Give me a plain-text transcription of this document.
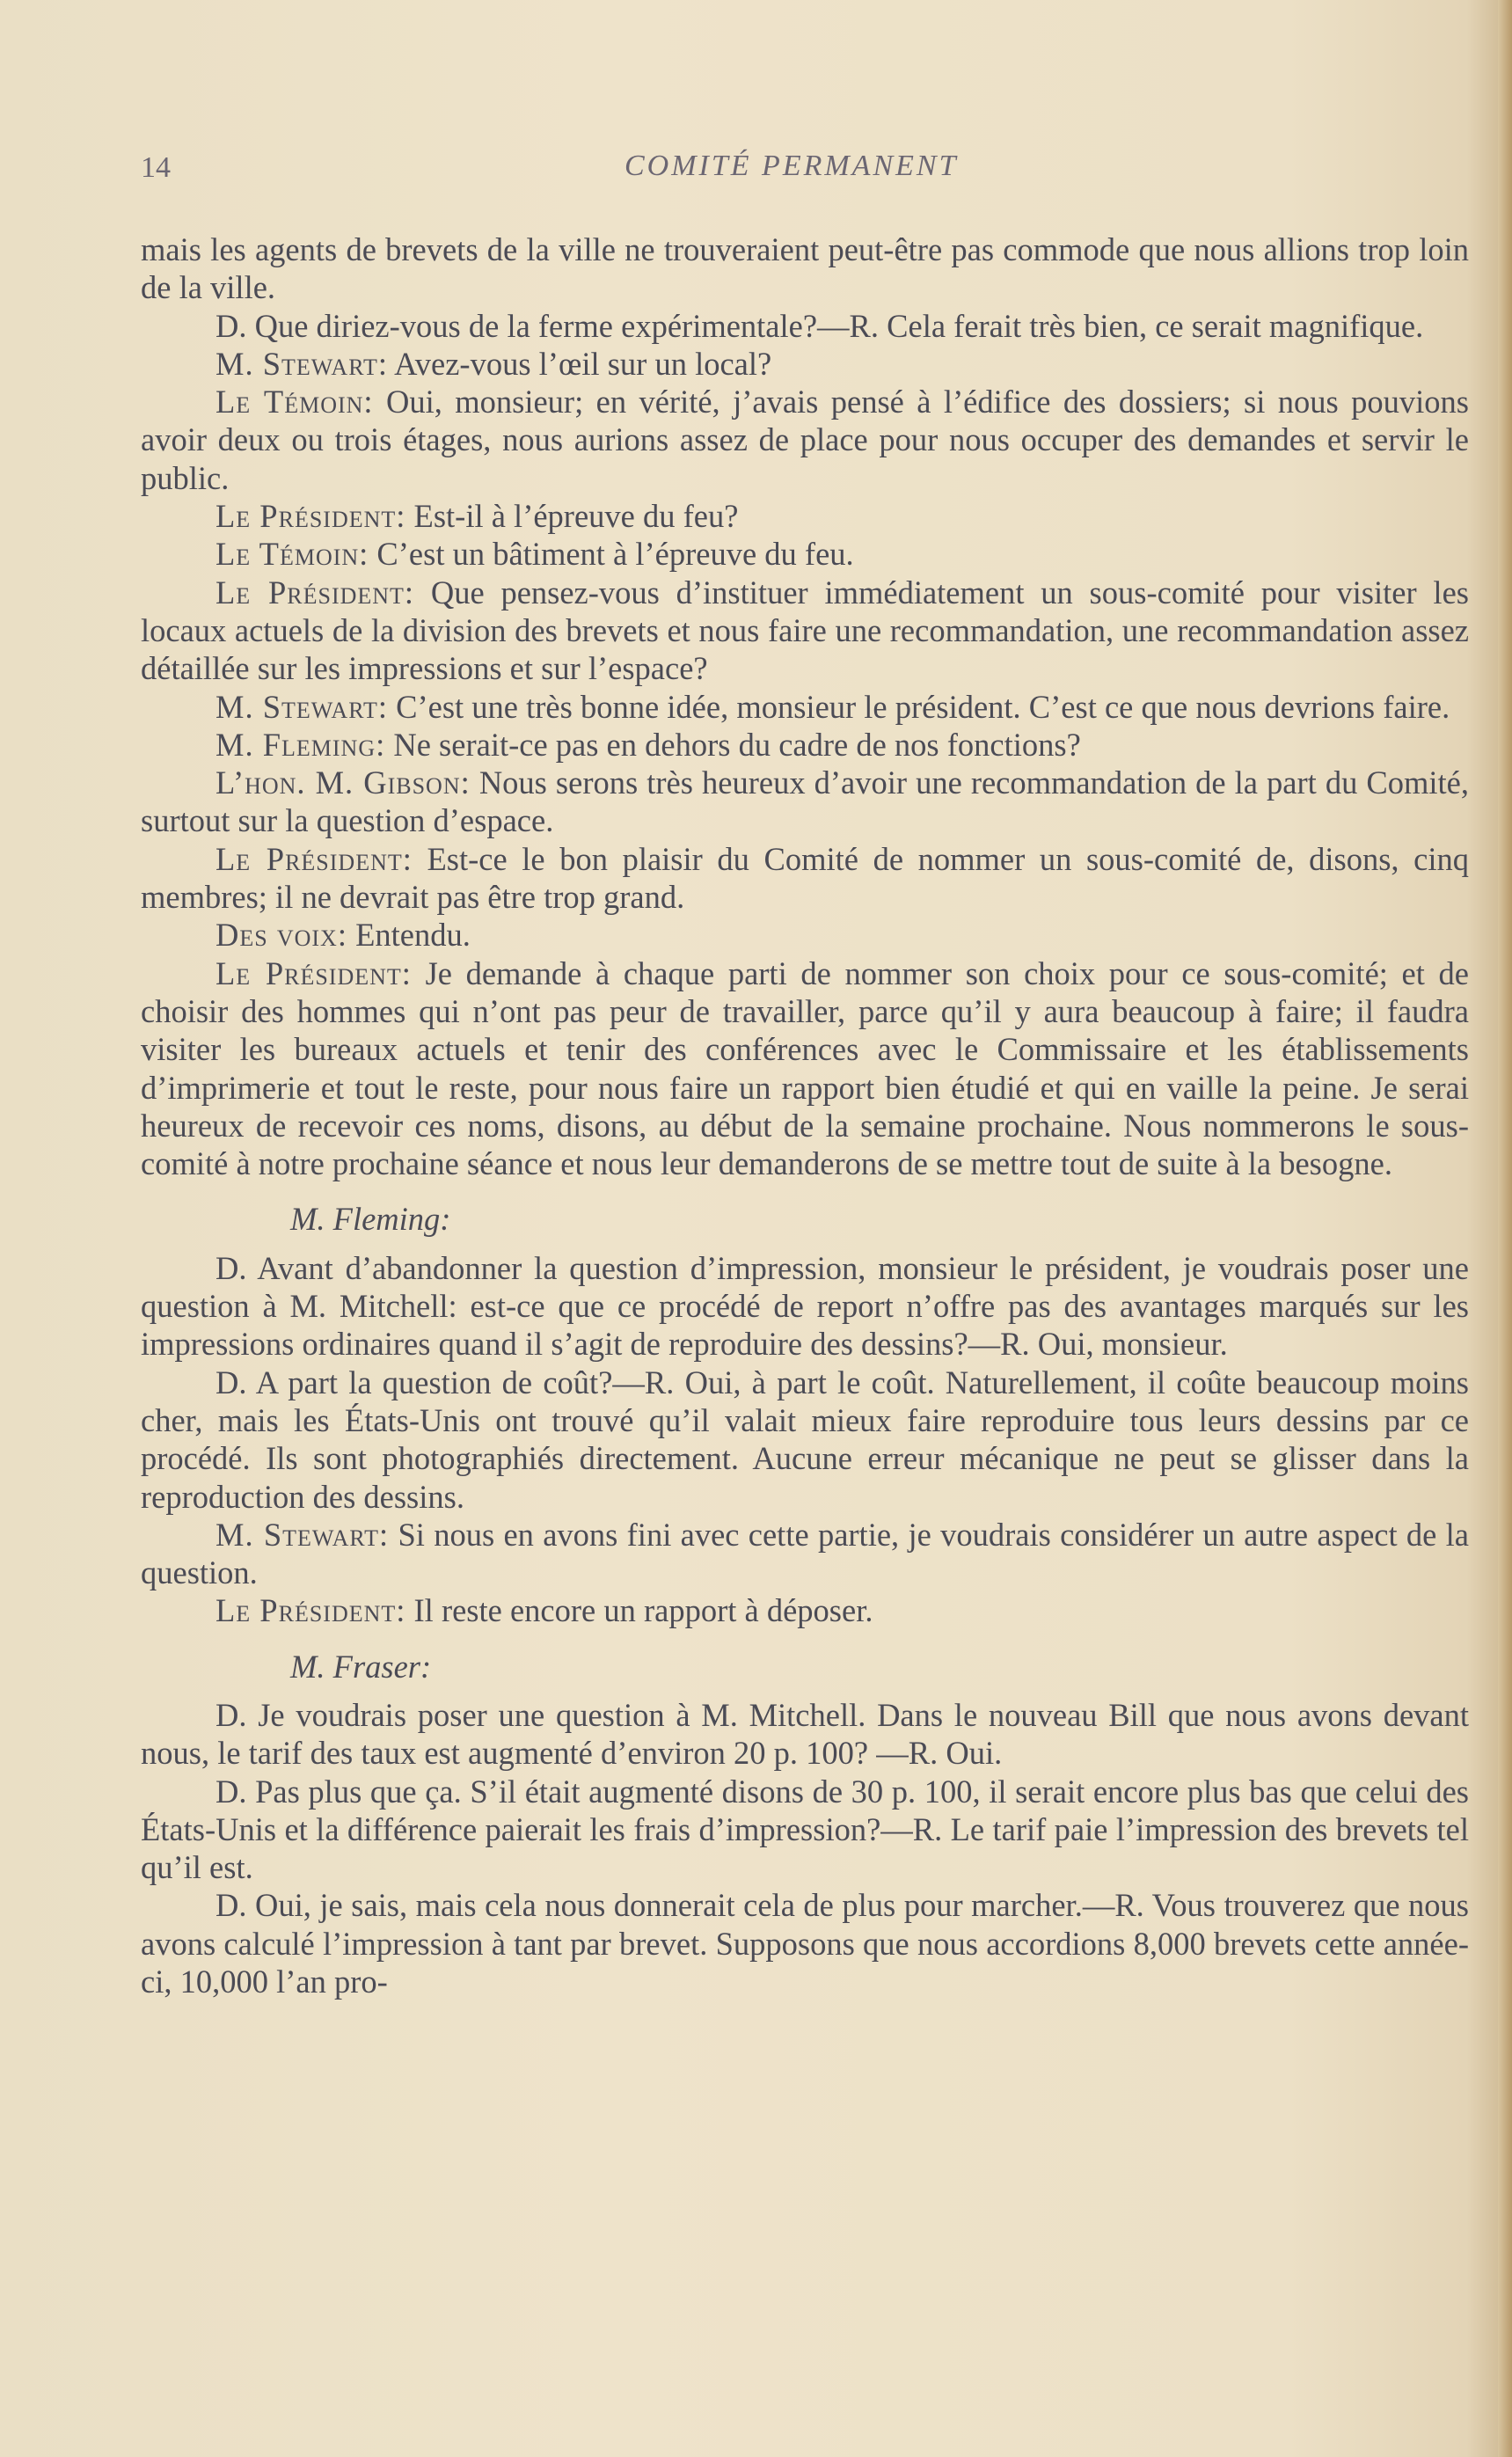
14	COMITÉ PERMANENT

mais les agents de brevets de la ville ne trouveraient peut-être pas commode que nous allions trop loin de la ville.

D. Que diriez-vous de la ferme expérimentale?—R. Cela ferait très bien, ce serait magnifique.

M. Stewart: Avez-vous l’œil sur un local?

Le Témoin: Oui, monsieur; en vérité, j’avais pensé à l’édifice des dossiers; si nous pouvions avoir deux ou trois étages, nous aurions assez de place pour nous occuper des demandes et servir le public.

Le Président: Est-il à l’épreuve du feu?

Le Témoin: C’est un bâtiment à l’épreuve du feu.

Le Président: Que pensez-vous d’instituer immédiatement un sous-comité pour visiter les locaux actuels de la division des brevets et nous faire une recommandation, une recommandation assez détaillée sur les impressions et sur l’espace?

M. Stewart: C’est une très bonne idée, monsieur le président. C’est ce que nous devrions faire.

M. Fleming: Ne serait-ce pas en dehors du cadre de nos fonctions?

L’hon. M. Gibson: Nous serons très heureux d’avoir une recommandation de la part du Comité, surtout sur la question d’espace.

Le Président: Est-ce le bon plaisir du Comité de nommer un sous-comité de, disons, cinq membres; il ne devrait pas être trop grand.

Des voix: Entendu.

Le Président: Je demande à chaque parti de nommer son choix pour ce sous-comité; et de choisir des hommes qui n’ont pas peur de travailler, parce qu’il y aura beaucoup à faire; il faudra visiter les bureaux actuels et tenir des conférences avec le Commissaire et les établissements d’imprimerie et tout le reste, pour nous faire un rapport bien étudié et qui en vaille la peine. Je serai heureux de recevoir ces noms, disons, au début de la semaine prochaine. Nous nommerons le sous-comité à notre prochaine séance et nous leur demanderons de se mettre tout de suite à la besogne.

M. Fleming:

D. Avant d’abandonner la question d’impression, monsieur le président, je voudrais poser une question à M. Mitchell: est-ce que ce procédé de report n’offre pas des avantages marqués sur les impressions ordinaires quand il s’agit de reproduire des dessins?—R. Oui, monsieur.

D. A part la question de coût?—R. Oui, à part le coût. Naturellement, il coûte beaucoup moins cher, mais les États-Unis ont trouvé qu’il valait mieux faire reproduire tous leurs dessins par ce procédé. Ils sont photographiés directement. Aucune erreur mécanique ne peut se glisser dans la reproduction des dessins.

M. Stewart: Si nous en avons fini avec cette partie, je voudrais considérer un autre aspect de la question.

Le Président: Il reste encore un rapport à déposer.

M. Fraser:

D. Je voudrais poser une question à M. Mitchell. Dans le nouveau Bill que nous avons devant nous, le tarif des taux est augmenté d’environ 20 p. 100? —R. Oui.

D. Pas plus que ça. S’il était augmenté disons de 30 p. 100, il serait encore plus bas que celui des États-Unis et la différence paierait les frais d’impression?—R. Le tarif paie l’impression des brevets tel qu’il est.

D. Oui, je sais, mais cela nous donnerait cela de plus pour marcher.—R. Vous trouverez que nous avons calculé l’impression à tant par brevet. Supposons que nous accordions 8,000 brevets cette année-ci, 10,000 l’an pro-
